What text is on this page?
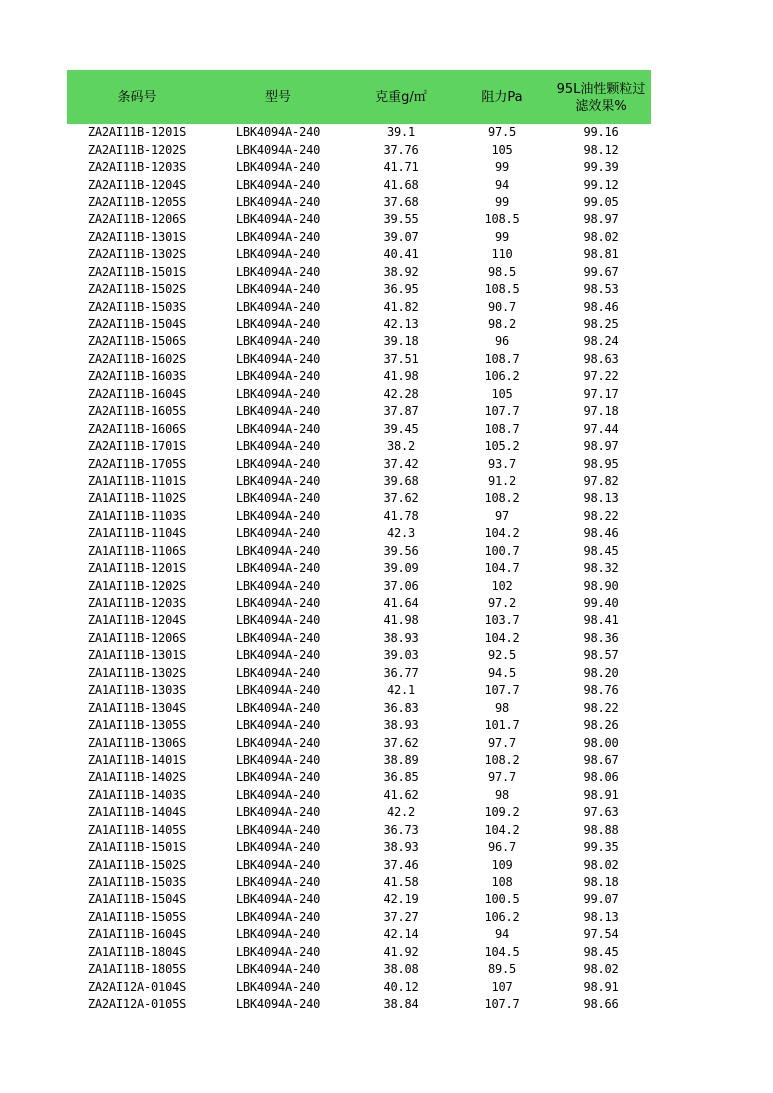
条码号	型号	克重g/㎡	阻力Pa	95L油性颗粒过
滤效果%
ZA2AI11B-1201S	LBK4094A-240	39.1	97.5	99.16
ZA2AI11B-1202S	LBK4094A-240	37.76	105	98.12
ZA2AI11B-1203S	LBK4094A-240	41.71	99	99.39
ZA2AI11B-1204S	LBK4094A-240	41.68	94	99.12
ZA2AI11B-1205S	LBK4094A-240	37.68	99	99.05
ZA2AI11B-1206S	LBK4094A-240	39.55	108.5	98.97
ZA2AI11B-1301S	LBK4094A-240	39.07	99	98.02
ZA2AI11B-1302S	LBK4094A-240	40.41	110	98.81
ZA2AI11B-1501S	LBK4094A-240	38.92	98.5	99.67
ZA2AI11B-1502S	LBK4094A-240	36.95	108.5	98.53
ZA2AI11B-1503S	LBK4094A-240	41.82	90.7	98.46
ZA2AI11B-1504S	LBK4094A-240	42.13	98.2	98.25
ZA2AI11B-1506S	LBK4094A-240	39.18	96	98.24
ZA2AI11B-1602S	LBK4094A-240	37.51	108.7	98.63
ZA2AI11B-1603S	LBK4094A-240	41.98	106.2	97.22
ZA2AI11B-1604S	LBK4094A-240	42.28	105	97.17
ZA2AI11B-1605S	LBK4094A-240	37.87	107.7	97.18
ZA2AI11B-1606S	LBK4094A-240	39.45	108.7	97.44
ZA2AI11B-1701S	LBK4094A-240	38.2	105.2	98.97
ZA2AI11B-1705S	LBK4094A-240	37.42	93.7	98.95
ZA1AI11B-1101S	LBK4094A-240	39.68	91.2	97.82
ZA1AI11B-1102S	LBK4094A-240	37.62	108.2	98.13
ZA1AI11B-1103S	LBK4094A-240	41.78	97	98.22
ZA1AI11B-1104S	LBK4094A-240	42.3	104.2	98.46
ZA1AI11B-1106S	LBK4094A-240	39.56	100.7	98.45
ZA1AI11B-1201S	LBK4094A-240	39.09	104.7	98.32
ZA1AI11B-1202S	LBK4094A-240	37.06	102	98.90
ZA1AI11B-1203S	LBK4094A-240	41.64	97.2	99.40
ZA1AI11B-1204S	LBK4094A-240	41.98	103.7	98.41
ZA1AI11B-1206S	LBK4094A-240	38.93	104.2	98.36
ZA1AI11B-1301S	LBK4094A-240	39.03	92.5	98.57
ZA1AI11B-1302S	LBK4094A-240	36.77	94.5	98.20
ZA1AI11B-1303S	LBK4094A-240	42.1	107.7	98.76
ZA1AI11B-1304S	LBK4094A-240	36.83	98	98.22
ZA1AI11B-1305S	LBK4094A-240	38.93	101.7	98.26
ZA1AI11B-1306S	LBK4094A-240	37.62	97.7	98.00
ZA1AI11B-1401S	LBK4094A-240	38.89	108.2	98.67
ZA1AI11B-1402S	LBK4094A-240	36.85	97.7	98.06
ZA1AI11B-1403S	LBK4094A-240	41.62	98	98.91
ZA1AI11B-1404S	LBK4094A-240	42.2	109.2	97.63
ZA1AI11B-1405S	LBK4094A-240	36.73	104.2	98.88
ZA1AI11B-1501S	LBK4094A-240	38.93	96.7	99.35
ZA1AI11B-1502S	LBK4094A-240	37.46	109	98.02
ZA1AI11B-1503S	LBK4094A-240	41.58	108	98.18
ZA1AI11B-1504S	LBK4094A-240	42.19	100.5	99.07
ZA1AI11B-1505S	LBK4094A-240	37.27	106.2	98.13
ZA1AI11B-1604S	LBK4094A-240	42.14	94	97.54
ZA1AI11B-1804S	LBK4094A-240	41.92	104.5	98.45
ZA1AI11B-1805S	LBK4094A-240	38.08	89.5	98.02
ZA2AI12A-0104S	LBK4094A-240	40.12	107	98.91
ZA2AI12A-0105S	LBK4094A-240	38.84	107.7	98.66
